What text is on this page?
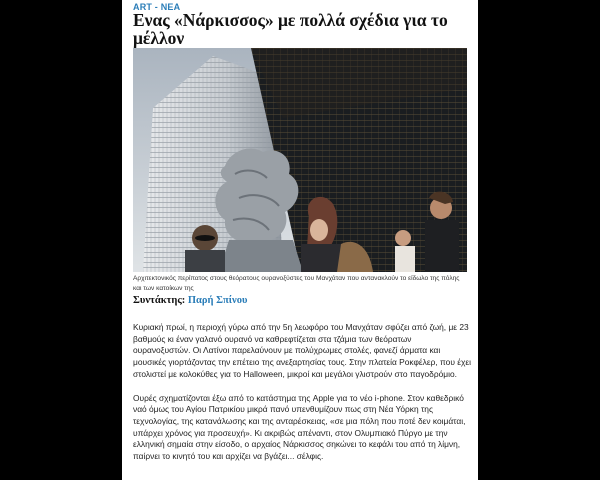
ART - NEA
Ενας «Νάρκισσος» με πολλά σχέδια για το μέλλον
Αρχιτεκτονικός περίπατος στους θεόρατους ουρανοξύστες του Μανχάταν που αντανακλούν το είδωλο της πόλης και των κατοίκων της
Συντάκτης: Παρή Σπίνου

Κυριακή πρωί, η περιοχή γύρω από την 5η λεωφόρο του Μανχάταν σφύζει από ζωή, με 23 βαθμούς κι έναν γαλανό ουρανό να καθρεφτίζεται στα τζάμια των θεόρατων ουρανοξυστών. Οι Λατίνοι παρελαύνουν με πολύχρωμες στολές, φανεζί άρματα και μουσικές γιορτάζοντας την επέτειο της ανεξαρτησίας τους. Στην πλατεία Ροκφέλερ, που έχει στολιστεί με κολοκύθες για το Halloween, μικροί και μεγάλοι γλιστρούν στο παγοδρόμιο.

Ουρές σχηματίζονται έξω από το κατάστημα της Apple για το νέο i-phone. Στον καθεδρικό ναό όμως του Αγίου Πατρικίου μικρά πανό υπενθυμίζουν πως στη Νέα Υόρκη της τεχνολογίας, της κατανάλωσης και της ανταρέσκειας, «σε μια πόλη που ποτέ δεν κοιμάται, υπάρχει χρόνος για προσευχή». Κι ακριβώς απέναντι, στον Ολυμπιακό Πύργο με την ελληνική σημαία στην είσοδο, ο αρχαίος Νάρκισσος σηκώνει το κεφάλι του από τη λίμνη, παίρνει το κινητό του και αρχίζει να βγάζει... σέλφις.
